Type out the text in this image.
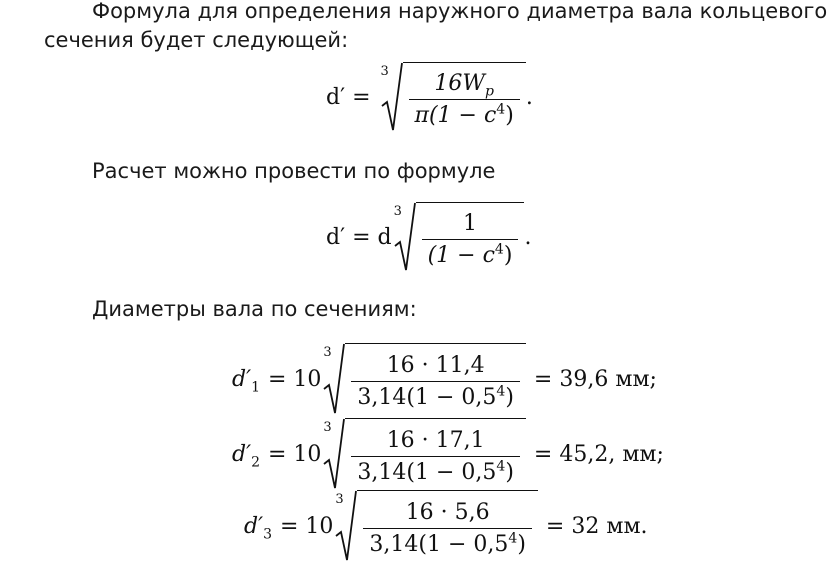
Формула для определения наружного диаметра вала кольцевого

сечения будет следующей:

d′ =
$3 \frac{16W_p}{\pi(1 - c^4)}$ .

Расчет можно провести по формуле

d′ = d
$3 \frac{1}{(1 - c^4)}$ .

Диаметры вала по сечениям:

$d'_1 = 10$
3
$\frac{16 \cdot 11,4}{3,14(1 - 0,5^4)} = 39,6$ мм;
$d'_2 = 10$
3
$\frac{16 \cdot 17,1}{3,14(1 - 0,5^4)} = 45,2$, мм;
$d'_3 = 10$
3
$\frac{16 \cdot 5,6}{3,14(1 - 0,5^4)} = 32$ мм.
